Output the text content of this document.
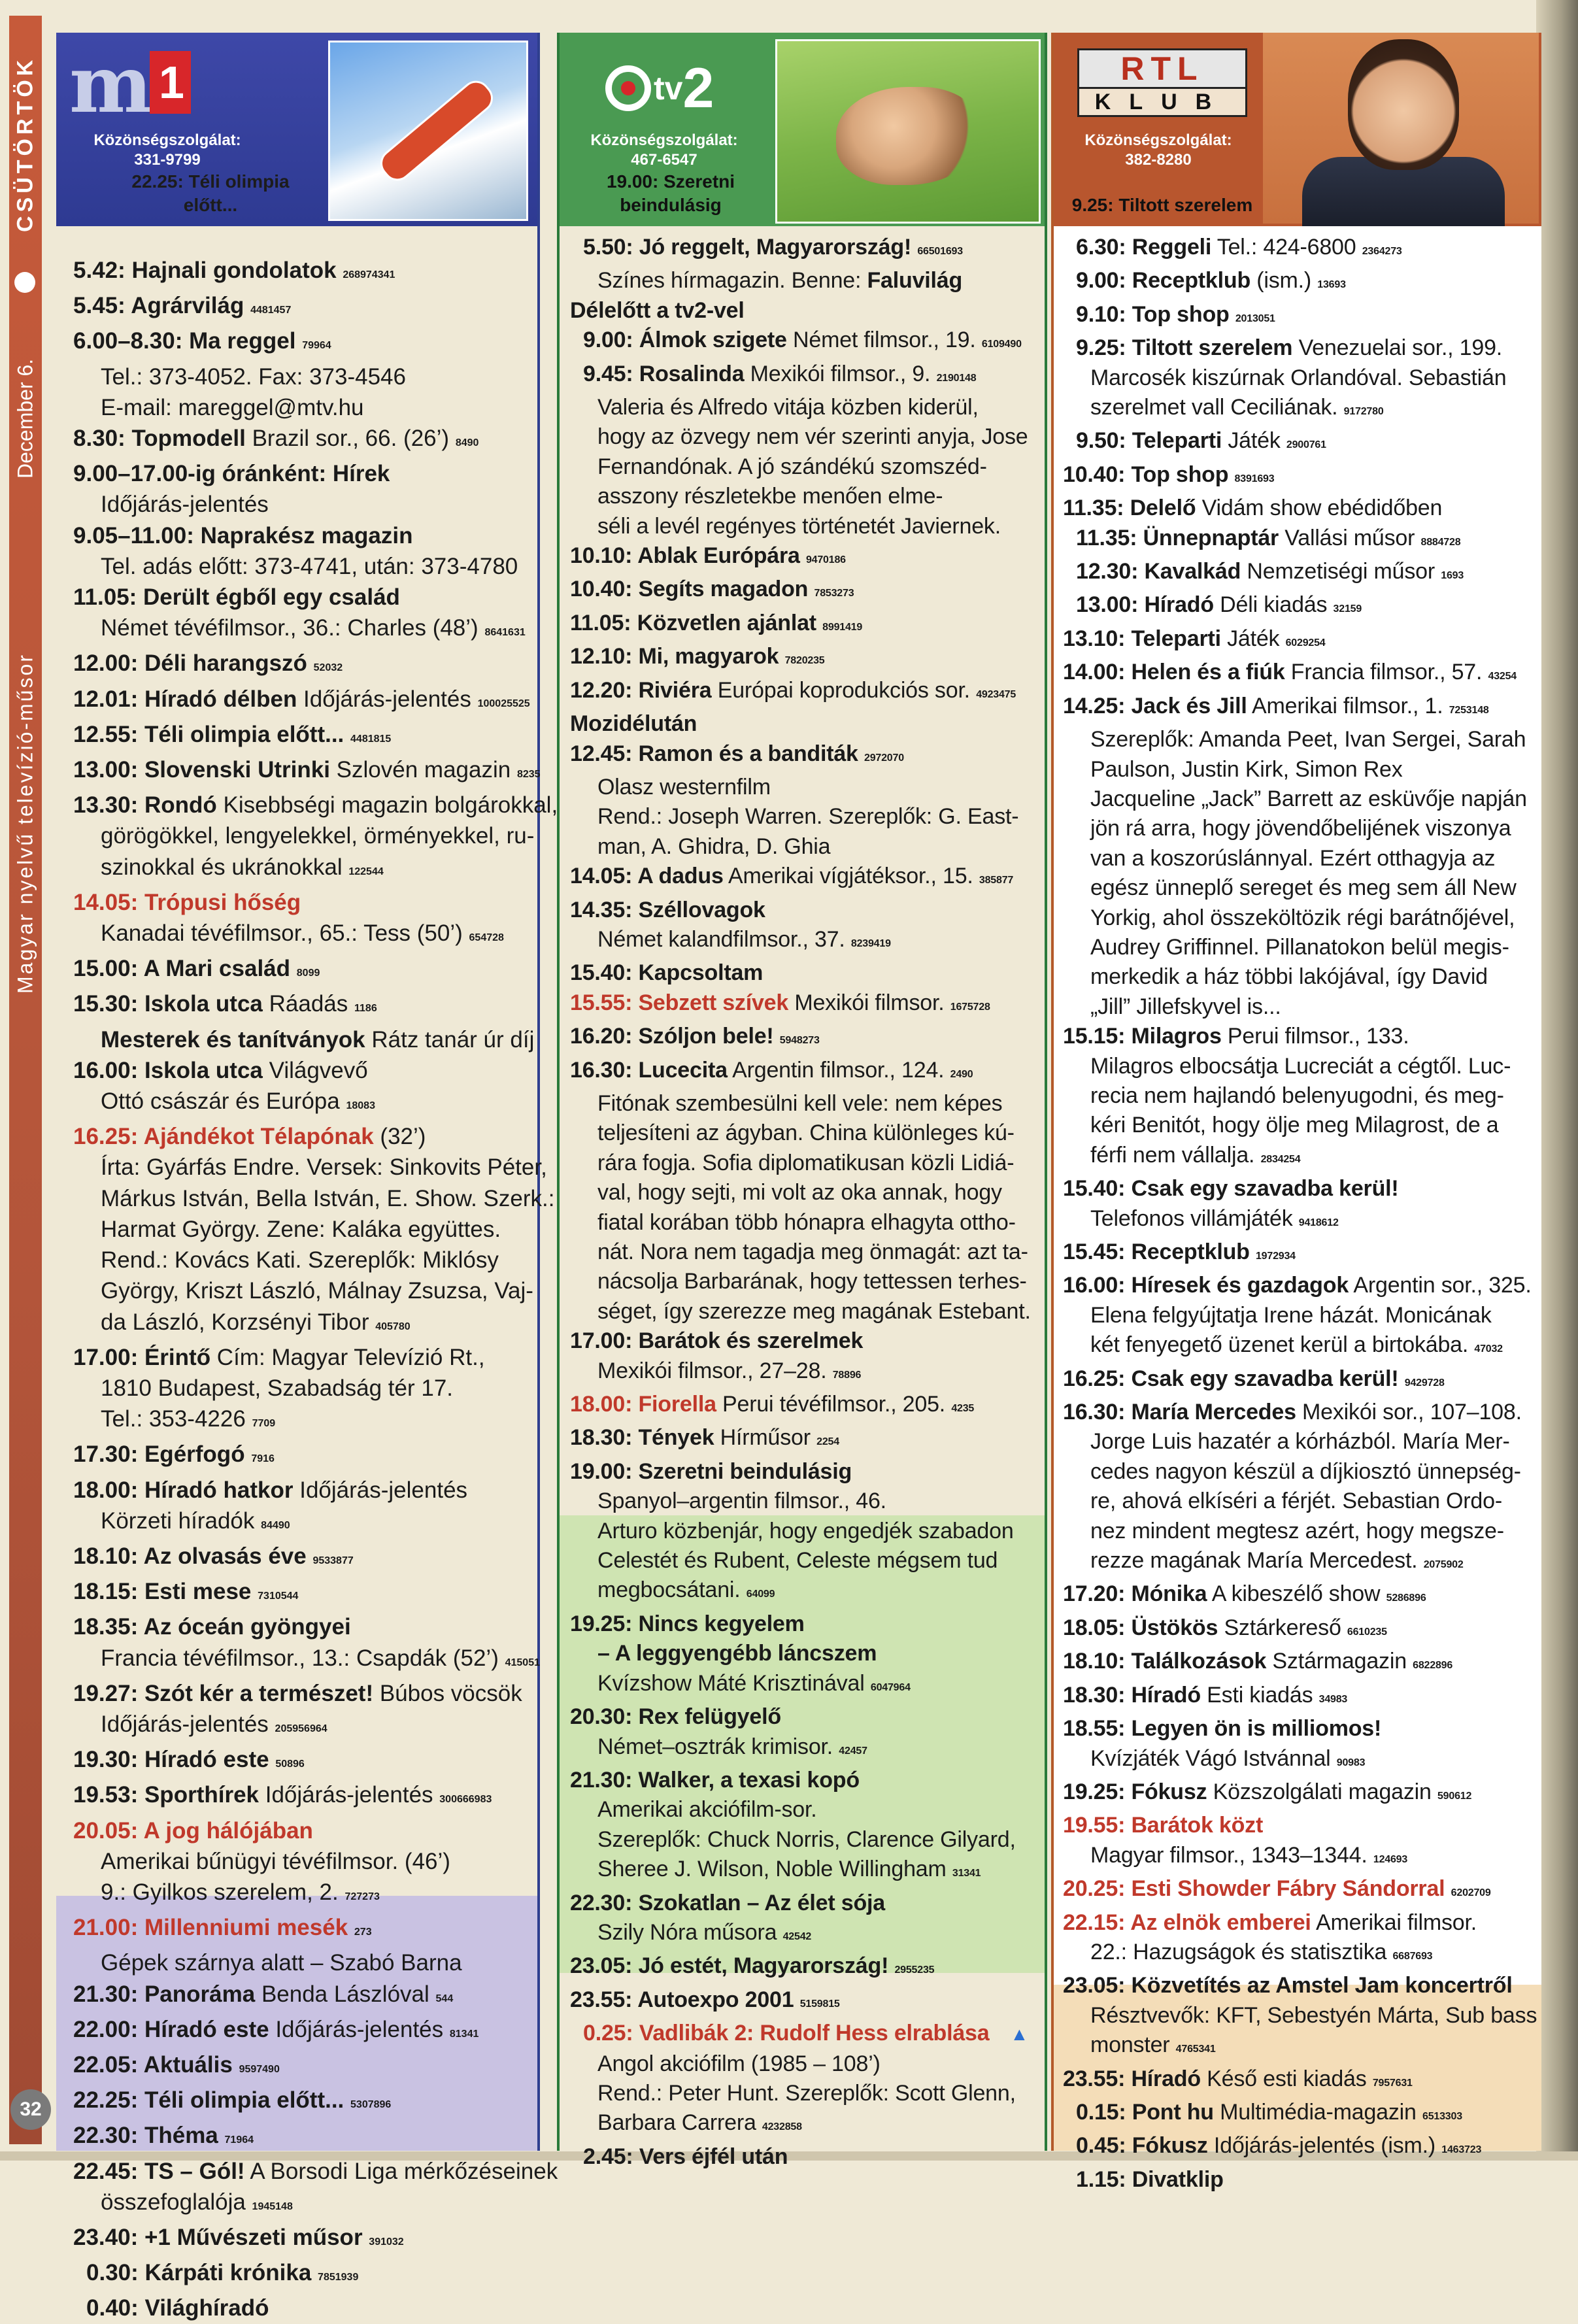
CSÜTÖRTÖK
December 6.
Magyar nyelvű televízió-műsor
32
m 1
Közönségszolgálat:
331-9799
22.25: Téli olimpia előtt...
5.42: Hajnali gondolatok 268974341
5.45: Agrárvilág 4481457
6.00–8.30: Ma reggel 79964
Tel.: 373-4052. Fax: 373-4546
E-mail: mareggel@mtv.hu
8.30: Topmodell Brazil sor., 66. (26’) 8490
9.00–17.00-ig óránként: Hírek
Időjárás-jelentés
9.05–11.00: Naprakész magazin
Tel. adás előtt: 373-4741, után: 373-4780
11.05: Derült égből egy család
Német tévéfilmsor., 36.: Charles (48’) 8641631
12.00: Déli harangszó 52032
12.01: Híradó délben Időjárás-jelentés 100025525
12.55: Téli olimpia előtt... 4481815
13.00: Slovenski Utrinki Szlovén magazin 8235
13.30: Rondó Kisebbségi magazin bolgárokkal,
görögökkel, lengyelekkel, örményekkel, ru-
szinokkal és ukránokkal 122544
14.05: Trópusi hőség
Kanadai tévéfilmsor., 65.: Tess (50’) 654728
15.00: A Mari család 8099
15.30: Iskola utca Ráadás 1186
Mesterek és tanítványok Rátz tanár úr díj
16.00: Iskola utca Világvevő
Ottó császár és Európa 18083
16.25: Ajándékot Télapónak (32’)
Írta: Gyárfás Endre. Versek: Sinkovits Péter,
Márkus István, Bella István, E. Show. Szerk.:
Harmat György. Zene: Kaláka együttes.
Rend.: Kovács Kati. Szereplők: Miklósy
György, Kriszt László, Málnay Zsuzsa, Vaj-
da László, Korzsényi Tibor 405780
17.00: Érintő Cím: Magyar Televízió Rt.,
1810 Budapest, Szabadság tér 17.
Tel.: 353-4226 7709
17.30: Egérfogó 7916
18.00: Híradó hatkor Időjárás-jelentés
Körzeti híradók 84490
18.10: Az olvasás éve 9533877
18.15: Esti mese 7310544
18.35: Az óceán gyöngyei
Francia tévéfilmsor., 13.: Csapdák (52’) 415051
19.27: Szót kér a természet! Búbos vöcsök
Időjárás-jelentés 205956964
19.30: Híradó este 50896
19.53: Sporthírek Időjárás-jelentés 300666983
20.05: A jog hálójában
Amerikai bűnügyi tévéfilmsor. (46’)
9.: Gyilkos szerelem, 2. 727273
21.00: Millenniumi mesék 273
Gépek szárnya alatt – Szabó Barna
21.30: Panoráma Benda Lászlóval 544
22.00: Híradó este Időjárás-jelentés 81341
22.05: Aktuális 9597490
22.25: Téli olimpia előtt... 5307896
22.30: Théma 71964
22.45: TS – Gól! A Borsodi Liga mérkőzéseinek
összefoglalója 1945148
23.40: +1 Művészeti műsor 391032
0.30: Kárpáti krónika 7851939
0.40: Világhíradó
tv 2
Közönségszolgálat:
467-6547
19.00: Szeretni beindulásig
5.50: Jó reggelt, Magyarország! 66501693
Színes hírmagazin. Benne: Faluvilág
Délelőtt a tv2-vel
9.00: Álmok szigete Német filmsor., 19. 6109490
9.45: Rosalinda Mexikói filmsor., 9. 2190148
Valeria és Alfredo vitája közben kiderül,
hogy az özvegy nem vér szerinti anyja, Jose
Fernandónak. A jó szándékú szomszéd-
asszony részletekbe menően elme-
séli a levél regényes történetét Javiernek.
10.10: Ablak Európára 9470186
10.40: Segíts magadon 7853273
11.05: Közvetlen ajánlat 8991419
12.10: Mi, magyarok 7820235
12.20: Riviéra Európai koprodukciós sor. 4923475
Mozidélután
12.45: Ramon és a banditák 2972070
Olasz westernfilm
Rend.: Joseph Warren. Szereplők: G. East-
man, A. Ghidra, D. Ghia
14.05: A dadus Amerikai vígjátéksor., 15. 385877
14.35: Széllovagok
Német kalandfilmsor., 37. 8239419
15.40: Kapcsoltam
15.55: Sebzett szívek Mexikói filmsor. 1675728
16.20: Szóljon bele! 5948273
16.30: Lucecita Argentin filmsor., 124. 2490
Fitónak szembesülni kell vele: nem képes
teljesíteni az ágyban. China különleges kú-
rára fogja. Sofia diplomatikusan közli Lidiá-
val, hogy sejti, mi volt az oka annak, hogy
fiatal korában több hónapra elhagyta ottho-
nát. Nora nem tagadja meg önmagát: azt ta-
nácsolja Barbarának, hogy tettessen terhes-
séget, így szerezze meg magának Estebant.
17.00: Barátok és szerelmek
Mexikói filmsor., 27–28. 78896
18.00: Fiorella Perui tévéfilmsor., 205. 4235
18.30: Tények Hírműsor 2254
19.00: Szeretni beindulásig
Spanyol–argentin filmsor., 46.
Arturo közbenjár, hogy engedjék szabadon
Celestét és Rubent, Celeste mégsem tud
megbocsátani. 64099
19.25: Nincs kegyelem
– A leggyengébb láncszem
Kvízshow Máté Krisztinával 6047964
20.30: Rex felügyelő
Német–osztrák krimisor. 42457
21.30: Walker, a texasi kopó
Amerikai akciófilm-sor.
Szereplők: Chuck Norris, Clarence Gilyard,
Sheree J. Wilson, Noble Willingham 31341
22.30: Szokatlan – Az élet sója
Szily Nóra műsora 42542
23.05: Jó estét, Magyarország! 2955235
23.55: Autoexpo 2001 5159815
0.25: Vadlibák 2: Rudolf Hess elrablása ▲
Angol akciófilm (1985 – 108’)
Rend.: Peter Hunt. Szereplők: Scott Glenn,
Barbara Carrera 4232858
2.45: Vers éjfél után
RTL
KLUB
Közönségszolgálat:
382-8280
9.25: Tiltott szerelem
6.30: Reggeli Tel.: 424-6800 2364273
9.00: Receptklub (ism.) 13693
9.10: Top shop 2013051
9.25: Tiltott szerelem Venezuelai sor., 199.
Marcosék kiszúrnak Orlandóval. Sebastián
szerelmet vall Ceciliának. 9172780
9.50: Teleparti Játék 2900761
10.40: Top shop 8391693
11.35: Delelő Vidám show ebédidőben
11.35: Ünnepnaptár Vallási műsor 8884728
12.30: Kavalkád Nemzetiségi műsor 1693
13.00: Híradó Déli kiadás 32159
13.10: Teleparti Játék 6029254
14.00: Helen és a fiúk Francia filmsor., 57. 43254
14.25: Jack és Jill Amerikai filmsor., 1. 7253148
Szereplők: Amanda Peet, Ivan Sergei, Sarah
Paulson, Justin Kirk, Simon Rex
Jacqueline „Jack” Barrett az esküvője napján
jön rá arra, hogy jövendőbelijének viszonya
van a koszorúslánnyal. Ezért otthagyja az
egész ünneplő sereget és meg sem áll New
Yorkig, ahol összeköltözik régi barátnőjével,
Audrey Griffinnel. Pillanatokon belül megis-
merkedik a ház többi lakójával, így David
„Jill” Jillefskyvel is...
15.15: Milagros Perui filmsor., 133.
Milagros elbocsátja Lucreciát a cégtől. Luc-
recia nem hajlandó belenyugodni, és meg-
kéri Benitót, hogy ölje meg Milagrost, de a
férfi nem vállalja. 2834254
15.40: Csak egy szavadba kerül!
Telefonos villámjáték 9418612
15.45: Receptklub 1972934
16.00: Híresek és gazdagok Argentin sor., 325.
Elena felgyújtatja Irene házát. Monicának
két fenyegető üzenet kerül a birtokába. 47032
16.25: Csak egy szavadba kerül! 9429728
16.30: María Mercedes Mexikói sor., 107–108.
Jorge Luis hazatér a kórházból. María Mer-
cedes nagyon készül a díjkiosztó ünnepség-
re, ahová elkíséri a férjét. Sebastian Ordo-
nez mindent megtesz azért, hogy megsze-
rezze magának María Mercedest. 2075902
17.20: Mónika A kibeszélő show 5286896
18.05: Üstökös Sztárkereső 6610235
18.10: Találkozások Sztármagazin 6822896
18.30: Híradó Esti kiadás 34983
18.55: Legyen ön is milliomos!
Kvízjáték Vágó Istvánnal 90983
19.25: Fókusz Közszolgálati magazin 590612
19.55: Barátok közt
Magyar filmsor., 1343–1344. 124693
20.25: Esti Showder Fábry Sándorral 6202709
22.15: Az elnök emberei Amerikai filmsor.
22.: Hazugságok és statisztika 6687693
23.05: Közvetítés az Amstel Jam koncertről
Résztvevők: KFT, Sebestyén Márta, Sub bass
monster 4765341
23.55: Híradó Késő esti kiadás 7957631
0.15: Pont hu Multimédia-magazin 6513303
0.45: Fókusz Időjárás-jelentés (ism.) 1463723
1.15: Divatklip
